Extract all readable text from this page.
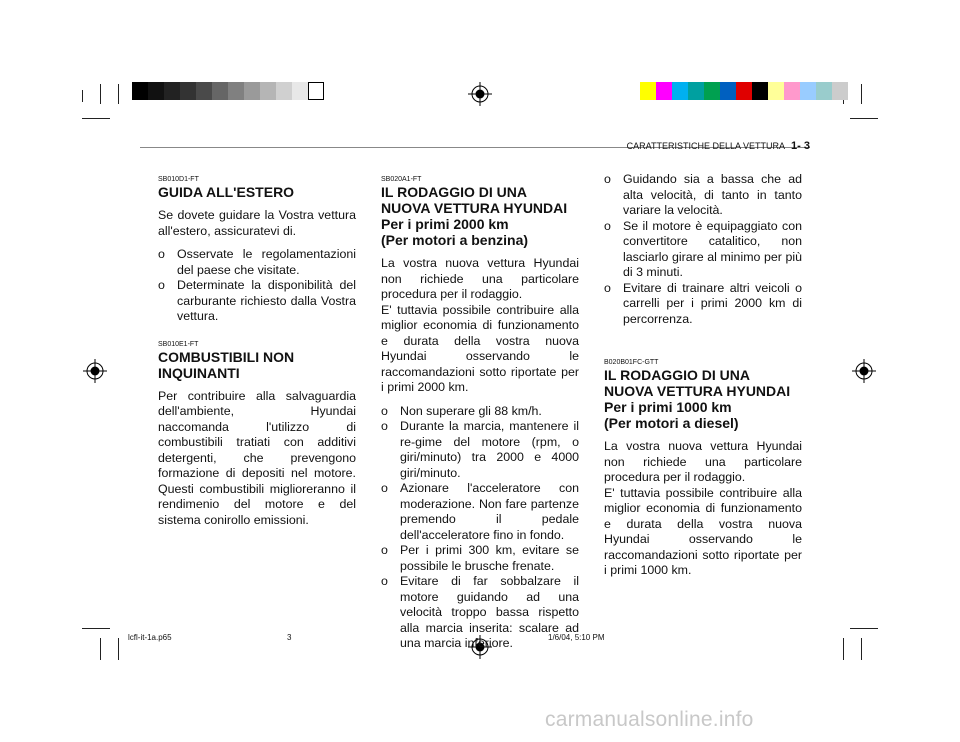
CARATTERISTICHE DELLA VETTURA 1- 3
SB010D1-FT
GUIDA ALL'ESTERO

Se dovete guidare la Vostra vettura all'estero, assicuratevi di.

o Osservate le regolamentazioni del paese che visitate.

o Determinate la disponibilità del carburante richiesto dalla Vostra vettura.

SB010E1-FT
COMBUSTIBILI NON INQUINANTI

Per contribuire alla salvaguardia dell'ambiente, Hyundai naccomanda l'utilizzo di combustibili tratiati con additivi detergenti, che prevengono formazione di depositi nel motore. Questi combustibili miglioreranno il rendimenio del motore e del sistema conirollo emissioni.

SB020A1-FT
IL RODAGGIO DI UNA NUOVA VETTURA HYUNDAI
Per i primi 2000 km
(Per motori a benzina)

La vostra nuova vettura Hyundai non richiede una particolare procedura per il rodaggio.

E' tuttavia possibile contribuire alla miglior economia di funzionamento e durata della vostra nuova Hyundai osservando le raccomandazioni sotto riportate per i primi 2000 km.

o Non superare gli 88 km/h.

o Durante la marcia, mantenere il re-gime del motore (rpm, o giri/minuto) tra 2000 e 4000 giri/minuto.

o Azionare l'acceleratore con moderazione. Non fare partenze premendo il pedale dell'acceleratore fino in fondo.

o Per i primi 300 km, evitare se possibile le brusche frenate.

o Evitare di far sobbalzare il motore guidando ad una velocità troppo bassa rispetto alla marcia inserita: scalare ad una marcia inferiore.

o Guidando sia a bassa che ad alta velocità, di tanto in tanto variare la velocità.

o Se il motore è equipaggiato con convertitore catalitico, non lasciarlo girare al minimo per più di 3 minuti.

o Evitare di trainare altri veicoli o carrelli per i primi 2000 km di percorrenza.

B020B01FC-GTT
IL RODAGGIO DI UNA NUOVA VETTURA HYUNDAI
Per i primi 1000 km
(Per motori a diesel)

La vostra nuova vettura Hyundai non richiede una particolare procedura per il rodaggio.

E' tuttavia possibile contribuire alla miglior economia di funzionamento e durata della vostra nuova Hyundai osservando le raccomandazioni sotto riportate per i primi 1000 km.

lcfl-it-1a.p65	3	1/6/04, 5:10 PM
carmanualsonline.info
